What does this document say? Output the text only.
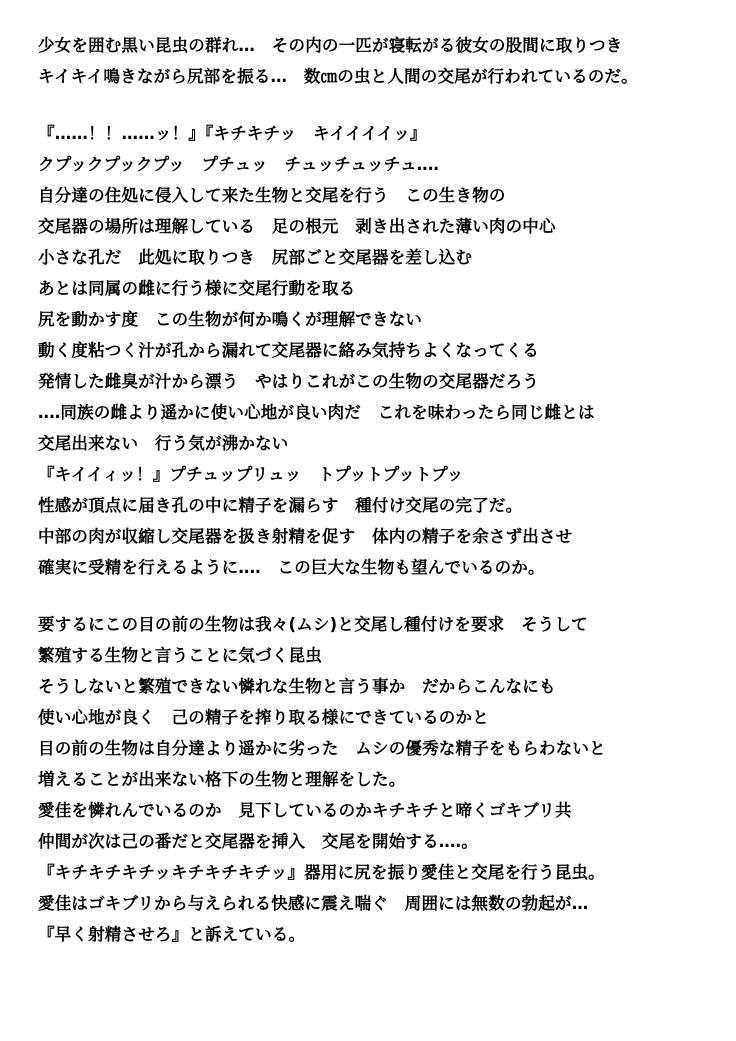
少女を囲む黒い昆虫の群れ…　その内の一匹が寝転がる彼女の股間に取りつき
キイキイ鳴きながら尻部を振る…　数㎝の虫と人間の交尾が行われているのだ。
『……！！……ッ！』『キチキチッ　キイイイイッ』
クプックプックプッ　プチュッ　チュッチュッチュ‥‥
自分達の住処に侵入して来た生物と交尾を行う　この生き物の
交尾器の場所は理解している　足の根元　剥き出された薄い肉の中心
小さな孔だ　此処に取りつき　尻部ごと交尾器を差し込む
あとは同属の雌に行う様に交尾行動を取る
尻を動かす度　この生物が何か鳴くが理解できない
動く度粘つく汁が孔から漏れて交尾器に絡み気持ちよくなってくる
発情した雌臭が汁から漂う　やはりこれがこの生物の交尾器だろう
‥‥同族の雌より遥かに使い心地が良い肉だ　これを味わったら同じ雌とは
交尾出来ない　行う気が沸かない
『キイイィッ！』プチュップリュッ　トプットプットプッ
性感が頂点に届き孔の中に精子を漏らす　種付け交尾の完了だ。
中部の肉が収縮し交尾器を扱き射精を促す　体内の精子を余さず出させ
確実に受精を行えるように‥‥　この巨大な生物も望んでいるのか。
要するにこの目の前の生物は我々(ムシ)と交尾し種付けを要求　そうして
繁殖する生物と言うことに気づく昆虫
そうしないと繁殖できない憐れな生物と言う事か　だからこんなにも
使い心地が良く　己の精子を搾り取る様にできているのかと
目の前の生物は自分達より遥かに劣った　ムシの優秀な精子をもらわないと
増えることが出来ない格下の生物と理解をした。
愛佳を憐れんでいるのか　見下しているのかキチキチと啼くゴキブリ共
仲間が次は己の番だと交尾器を挿入　交尾を開始する‥‥。
『キチキチキチッキチキチキチッ』器用に尻を振り愛佳と交尾を行う昆虫。
愛佳はゴキブリから与えられる快感に震え喘ぐ　周囲には無数の勃起が…
『早く射精させろ』と訴えている。
